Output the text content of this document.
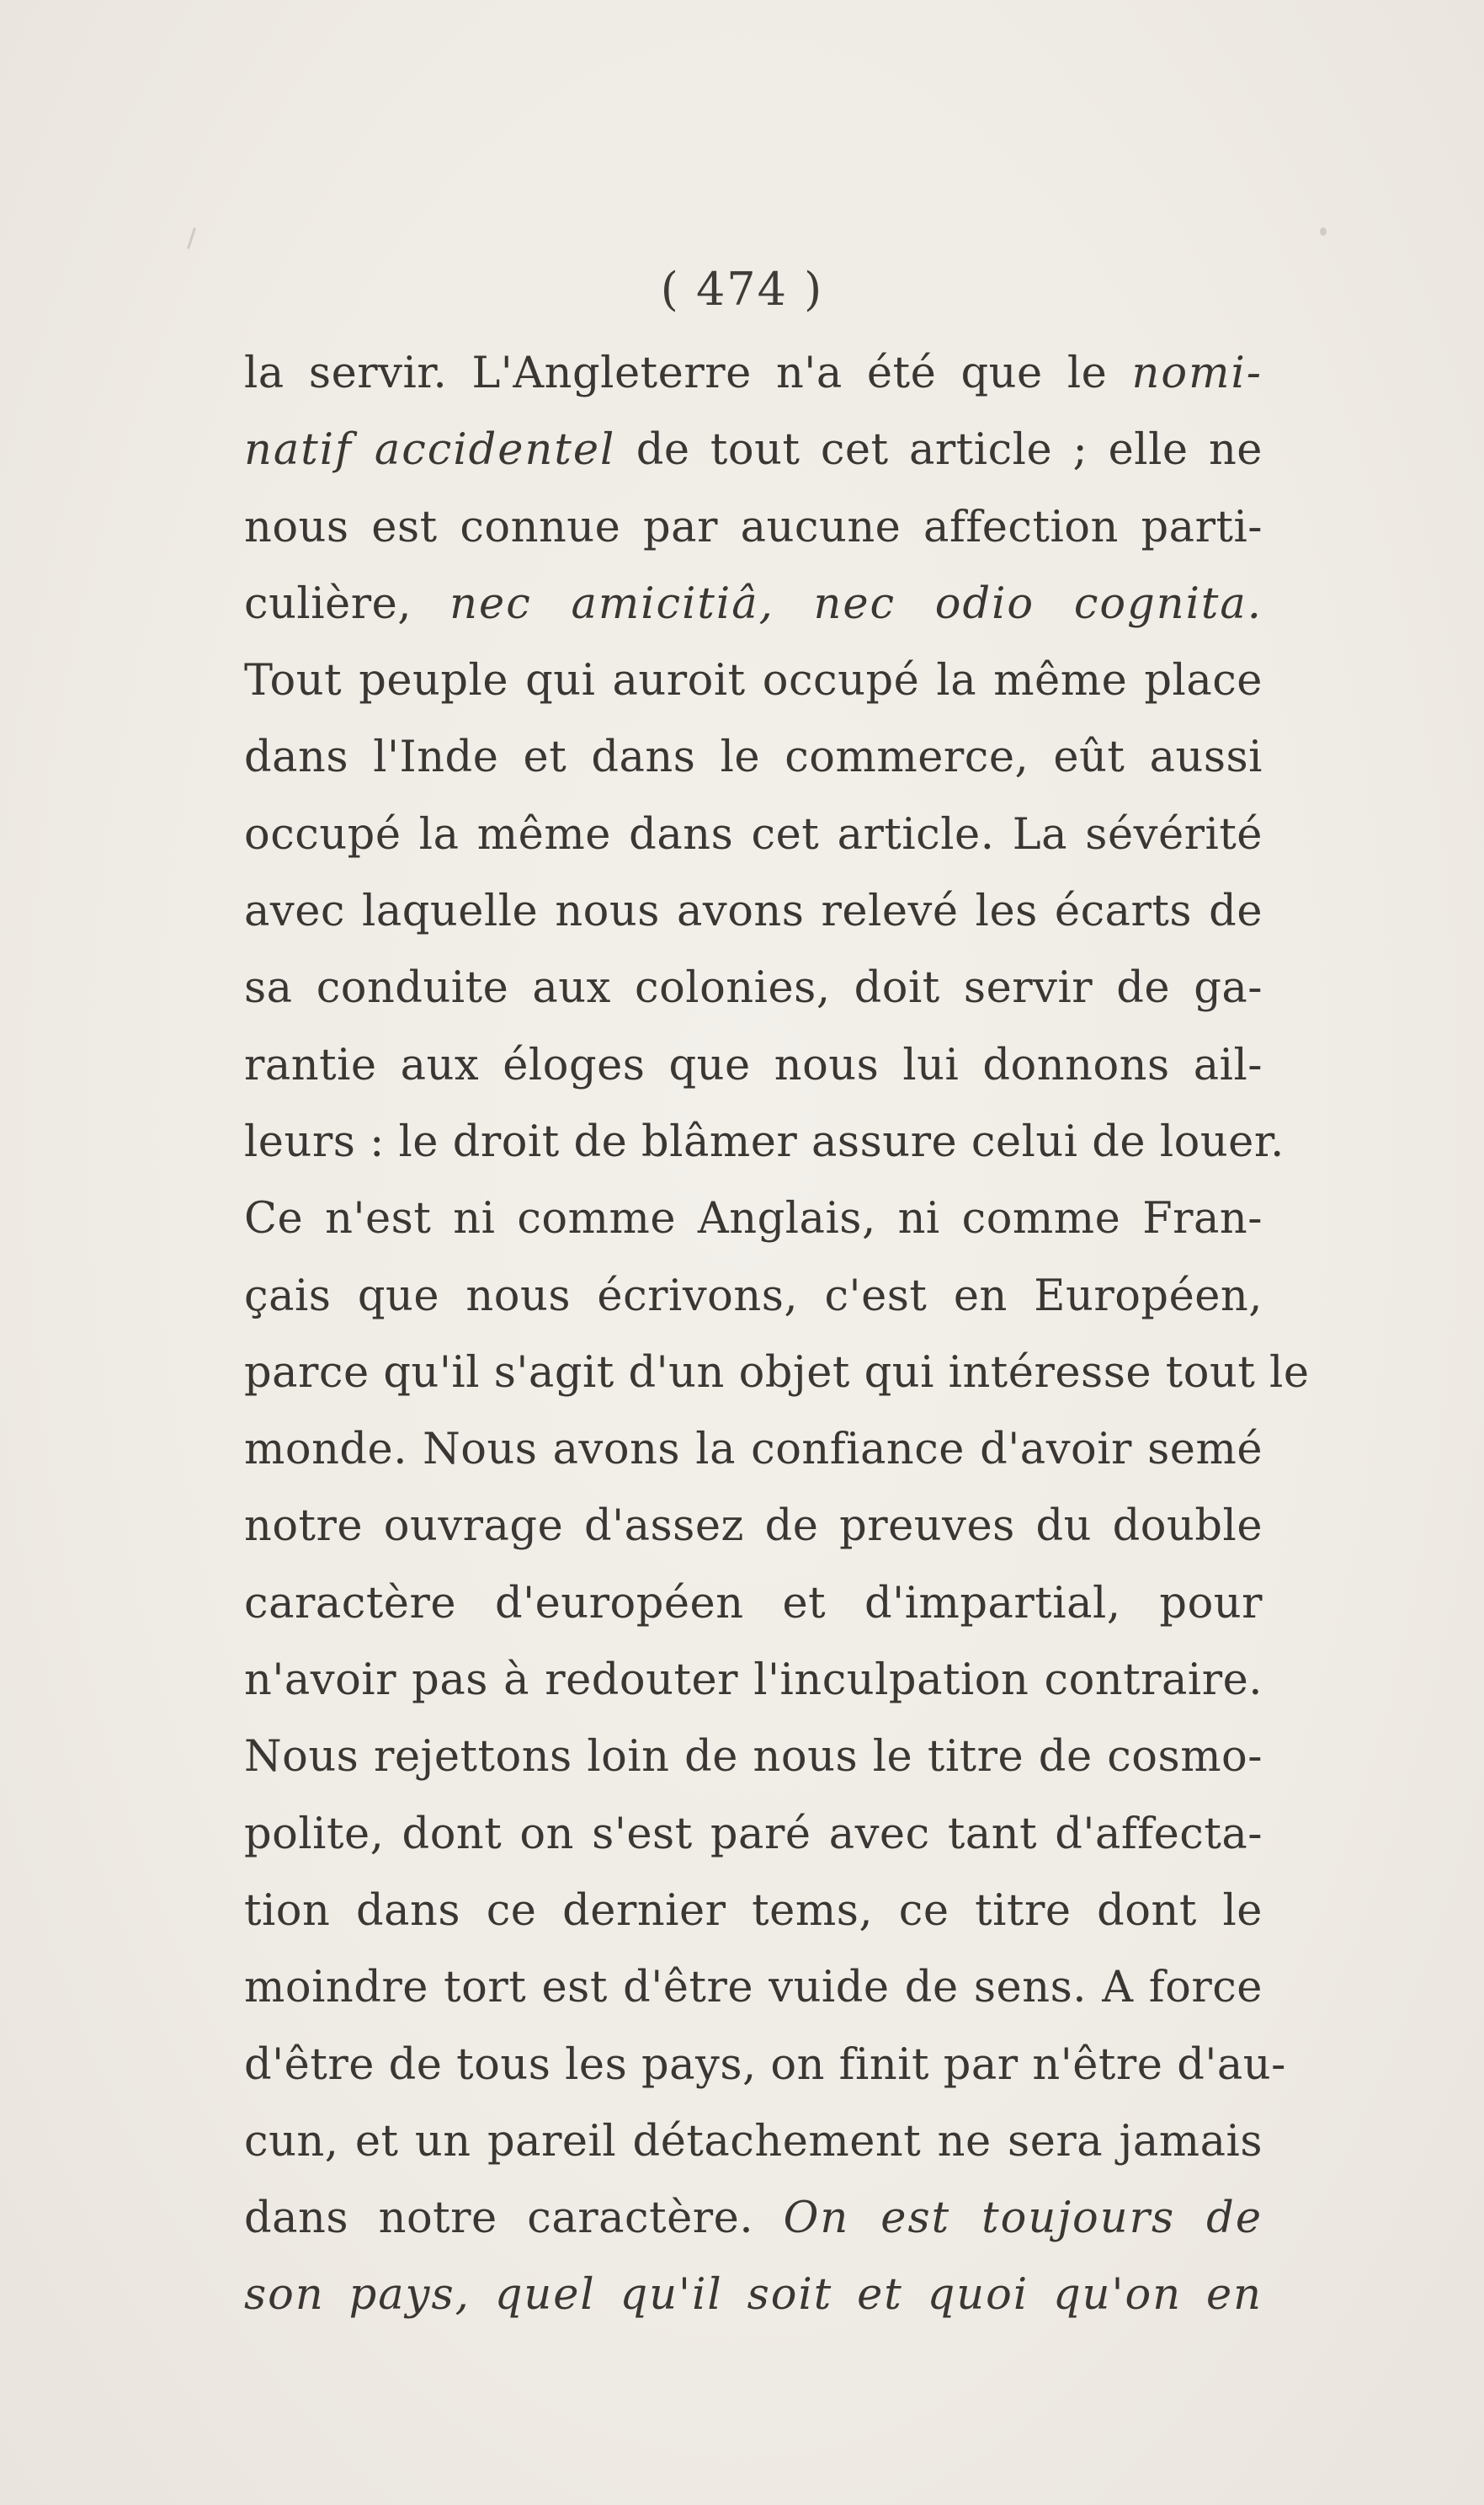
( 474 )
la servir. L'Angleterre n'a été que le nomi-
natif accidentel de tout cet article ; elle ne
nous est connue par aucune affection parti-
culière, nec amicitiâ, nec odio cognita.
Tout peuple qui auroit occupé la même place
dans l'Inde et dans le commerce, eût aussi
occupé la même dans cet article. La sévérité
avec laquelle nous avons relevé les écarts de
sa conduite aux colonies, doit servir de ga-
rantie aux éloges que nous lui donnons ail-
leurs : le droit de blâmer assure celui de louer.
Ce n'est ni comme Anglais, ni comme Fran-
çais que nous écrivons, c'est en Européen,
parce qu'il s'agit d'un objet qui intéresse tout le
monde. Nous avons la confiance d'avoir semé
notre ouvrage d'assez de preuves du double
caractère d'européen et d'impartial, pour
n'avoir pas à redouter l'inculpation contraire.
Nous rejettons loin de nous le titre de cosmo-
polite, dont on s'est paré avec tant d'affecta-
tion dans ce dernier tems, ce titre dont le
moindre tort est d'être vuide de sens. A force
d'être de tous les pays, on finit par n'être d'au-
cun, et un pareil détachement ne sera jamais
dans notre caractère. On est toujours de
son pays, quel qu'il soit et quoi qu'on en
